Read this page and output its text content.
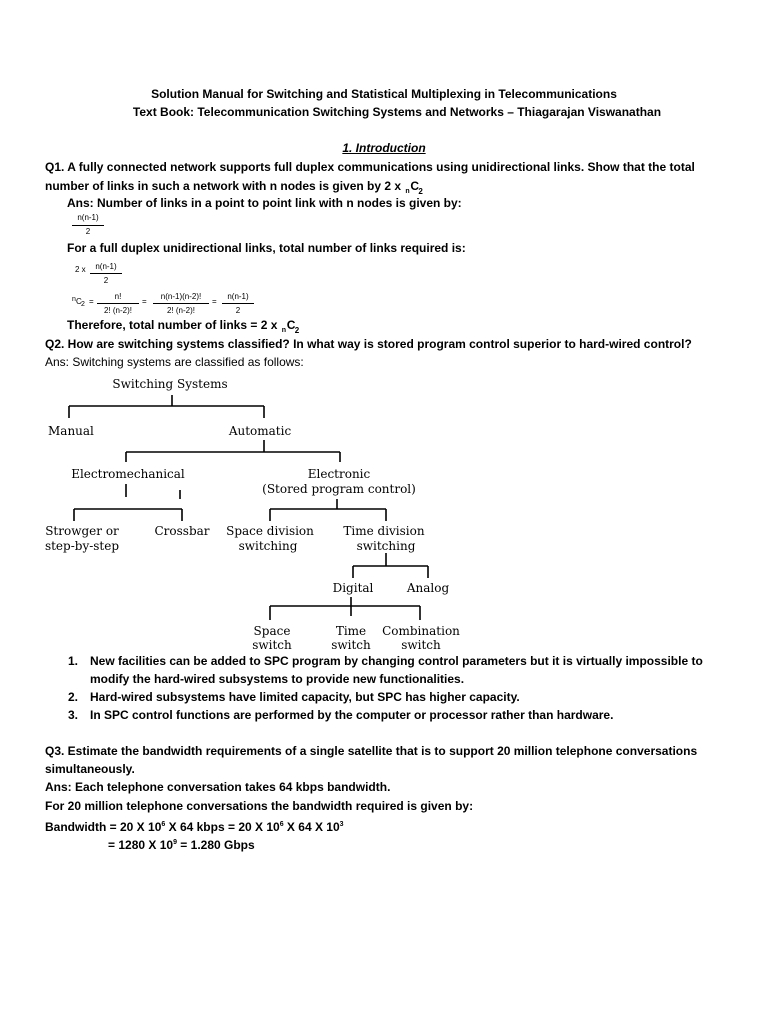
Solution Manual for Switching and Statistical Multiplexing in Telecommunications
Text Book: Telecommunication Switching Systems and Networks – Thiagarajan Viswanathan
1. Introduction
Q1. A fully connected network supports full duplex communications using unidirectional links. Show that the total
number of links in such a network with n nodes is given by 2 x n C 2
Ans: Number of links in a point to point link with n nodes is given by:
n(n-1)
2
For a full duplex unidirectional links, total number of links required is:
2 x	n(n-1)
2
n C 2 =
n!
2! (n-2)!
=
n(n-1)(n-2)!
2! (n-2)!
=
n(n-1)
2
Therefore, total number of links = 2 x n C 2
Q2. How are switching systems classified? In what way is stored program control superior to hard-wired control?
Ans: Switching systems are classified as follows:
Switching Systems
Manual	Automatic
Electromechanical	Electronic
(Stored program control)
Strowger or
step-by-step
Crossbar Space division
switching
Time division
switching
Digital	Analog
Space
switch
Time
switch
Combination
switch
1. New facilities can be added to SPC program by changing control parameters but it is virtually impossible to
modify the hard-wired subsystems to provide new functionalities.
2. Hard-wired subsystems have limited capacity, but SPC has higher capacity.
3. In SPC control functions are performed by the computer or processor rather than hardware.
Q3. Estimate the bandwidth requirements of a single satellite that is to support 20 million telephone conversations
simultaneously.
Ans: Each telephone conversation takes 64 kbps bandwidth.
For 20 million telephone conversations the bandwidth required is given by:
Bandwidth = 20 X $10^6$ X 64 kbps = 20 X $10^6$ X 64 X $10^3$
= 1280 X $10^9 = 1.280$ Gbps
